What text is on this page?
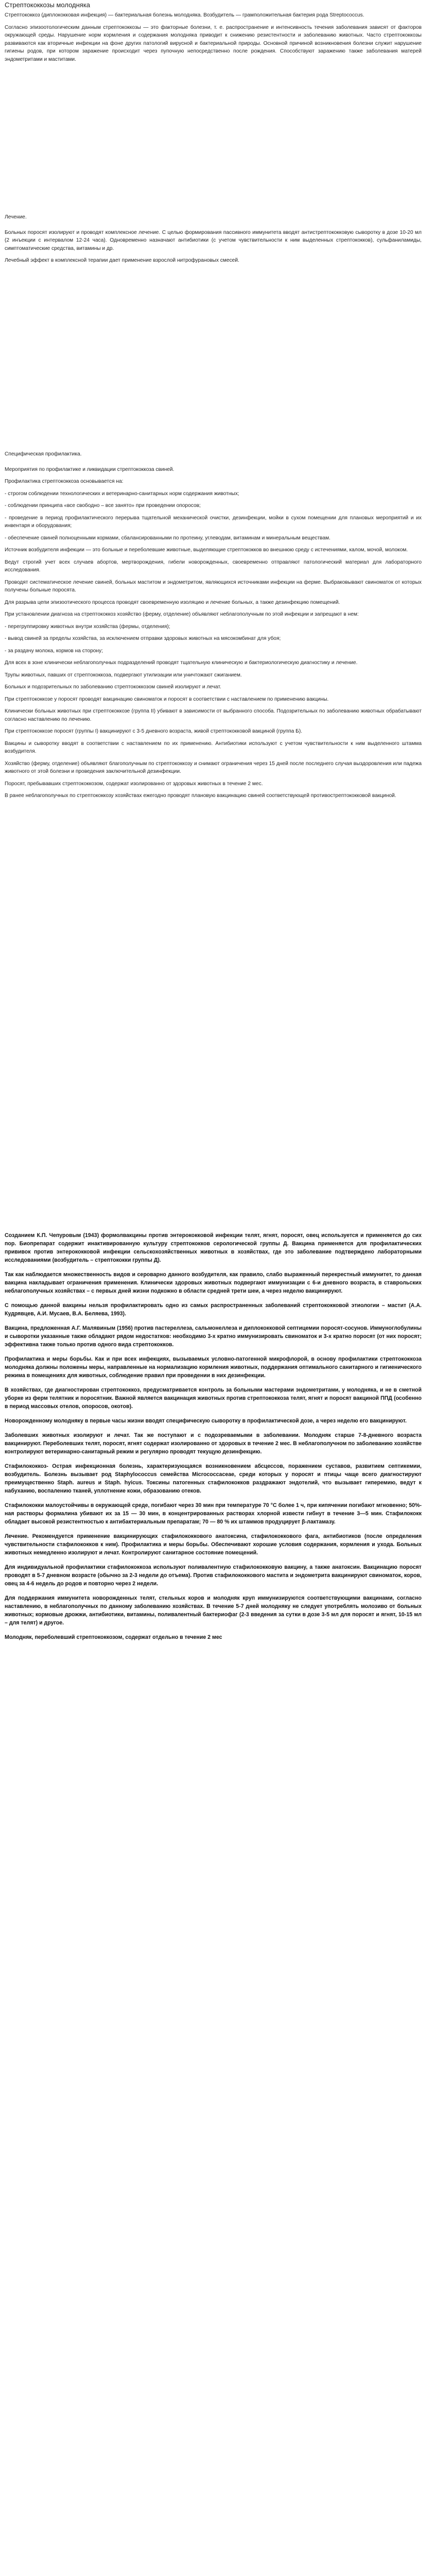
Стрептококкозы молодняка

Стрептококкоз (диплококковая инфекция) — бактериальная болезнь молодняка. Возбудитель — грамположительная бактерия рода Streptococcus.

Согласно эпизоотологическим данным стрептококкозы — это факторные болезни, т. е. распространение и интенсивность течения заболевания зависят от факторов окружающей среды. Нарушение норм кормления и содержания молодняка приводит к снижению резистентности и заболеванию животных. Часто стрептококкозы развиваются как вторичные инфекции на фоне других патологий вирусной и бактериальной природы. Основной причиной возникновения болезни служит нарушение гигиены родов, при котором заражение происходит через пупочную непосредственно после рождения. Способствуют заражению также заболевания матерей эндометритами и маститами.

Лечение.

Больных поросят изолируют и проводят комплексное лечение. С целью формирования пассивного иммунитета вводят антистрептококковую сыворотку в дозе 10-20 мл (2 инъекции с интервалом 12-24 часа). Одновременно назначают антибиотики (с учетом чувствительности к ним выделенных стрептококков), сульфаниламиды, симптоматические средства, витамины и др.

Лечебный эффект в комплексной терапии дает применение взрослой нитрофурановых смесей.

Специфическая профилактика.

Мероприятия по профилактике и ликвидации стрептококкоза свиней.

Профилактика стрептококкоза основывается на:

- строгом соблюдении технологических и ветеринарно-санитарных норм содержания животных;

- соблюдении принципа «все свободно – все занято» при проведении опоросов;

- проведение в период профилактического перерыва тщательной механической очистки, дезинфекции, мойки в сухом помещении для плановых мероприятий и их инвентаря и оборудования;

- обеспечение свиней полноценными кормами, сбалансированными по протеину, углеводам, витаминам и минеральным веществам.

Источник возбудителя инфекции — это больные и переболевшие животные, выделяющие стрептококков во внешнюю среду с истечениями, калом, мочой, молоком.

Ведут строгий учет всех случаев абортов, мертворождения, гибели новорожденных, своевременно отправляют патологический материал для лабораторного исследования.

Проводят систематическое лечение свиней, больных маститом и эндометритом, являющихся источниками инфекции на ферме. Выбраковывают свиноматок от которых получены больные поросята.

Для разрыва цепи эпизоотического процесса проводят своевременную изоляцию и лечение больных, а также дезинфекцию помещений.

При установлении диагноза на стрептококкоз хозяйство (ферму, отделение) объявляют неблагополучным по этой инфекции и запрещают в нем:

- перегруппировку животных внутри хозяйства (фермы, отделения);

- вывод свиней за пределы хозяйства, за исключением отправки здоровых животных на мясокомбинат для убоя;

- за раздачу молока, кормов на сторону;

Для всех в зоне клинически неблагополучных подразделений проводят тщательную клиническую и бактериологическую диагностику и лечение.

Трупы животных, павших от стрептококкоза, подвергают утилизации или уничтожают сжиганием.

Больных и подозрительных по заболеванию стрептококкозом свиней изолируют и лечат.

При стрептококкозе у поросят проводят вакцинацию свиноматок и поросят в соответствии с наставлением по применению вакцины.

Клинически больных животных при стрептококкозе (группа II) убивают в зависимости от выбранного способа. Подозрительных по заболеванию животных обрабатывают согласно наставлению по лечению.

При стрептококкозе поросят (группы I) вакцинируют с 3-5 дневного возраста, живой стрептококковой вакциной (группа Б).

Вакцины и сыворотку вводят в соответствии с наставлением по их применению. Антибиотики используют с учетом чувствительности к ним выделенного штамма возбудителя.

Хозяйство (ферму, отделение) объявляют благополучным по стрептококкозу и снимают ограничения через 15 дней после последнего случая выздоровления или падежа животного от этой болезни и проведения заключительной дезинфекции.

Поросят, пребывавших стрептококкозом, содержат изолированно от здоровых животных в течение 2 мес.

В ранее неблагополучных по стрептококкозу хозяйствах ежегодно проводят плановую вакцинацию свиней соответствующей противострептококковой вакциной.

Созданием К.П. Чепуровым (1943) формолвакцины против энтерококковой инфекции телят, ягнят, поросят, овец используется и применяется до сих пор. Биопрепарат содержит инактивированную культуру стрептококков серологической группы Д. Вакцина применяется для профилактических прививок против энтерококковой инфекции сельскохозяйственных животных в хозяйствах, где это заболевание подтверждено лабораторными исследованиями (возбудитель – стрептококки группы Д).

Так как наблюдается множественность видов и сероварно данного возбудителя, как правило, слабо выраженный перекрестный иммунитет, то данная вакцина накладывает ограничения применения. Клинически здоровых животных подвергают иммунизации с 6-и дневного возраста, в ставрольских неблагополучных хозяйствах – с первых дней жизни подкожно в области средней трети шеи, а через неделю вакцинируют.

С помощью данной вакцины нельзя профилактировать одно из самых распространенных заболеваний стрептококковой этиологии – мастит (А.А. Кудрявцев, А.И. Мусаев, В.А. Беляева, 1993).

Вакцина, предложенная А.Г. Малявиным (1956) против пастереллеза, сальмонеллеза и диплококковой септицемии поросят-сосунов. Иммуноглобулины и сыворотки указанные также обладают рядом недостатков: необходимо 3-х кратно иммунизировать свиноматок и 3-х кратно поросят (от них поросят; эффективна также только против одного вида стрептококков.

Профилактика и меры борьбы. Как и при всех инфекциях, вызываемых условно-патогенной микрофлорой, в основу профилактики стрептококкоза молодняка должны положены меры, направленные на нормализацию кормления животных, поддержания оптимального санитарного и гигиенического режима в помещениях для животных, соблюдение правил при проведении в них дезинфекции.

В хозяйствах, где диагностирован стрептококкоз, предусматривается контроль за больными мастерами эндометритами, у молодняка, и не в сметной уборке из ферм телятник и поросятник. Важной является вакцинация животных против стрептококкоза телят, ягнят и поросят вакциной ППД (особенно в период массовых отелов, опоросов, окотов).

Новорожденному молодняку в первые часы жизни вводят специфическую сыворотку в профилактической дозе, а через неделю его вакцинируют.

Заболевших животных изолируют и лечат. Так же поступают и с подозреваемыми в заболевании. Молодняк старше 7-8-дневного возраста вакцинируют. Переболевших телят, поросят, ягнят содержат изолированно от здоровых в течение 2 мес. В неблагополучном по заболеванию хозяйстве контролируют ветеринарно-санитарный режим и регулярно проводят текущую дезинфекцию.

Стафилококкоз- Острая инфекционная болезнь, характеризующаяся возникновением абсцессов, поражением суставов, развитием септикемии, возбудитель. Болезнь вызывает род Staphylococcus семейства Micrococcaceae, среди которых у поросят и птицы чаще всего диагностируют преимущественно Staph. aureus и Staph. hyicus. Токсины патогенных стафилококков раздражают эндотелий, что вызывает гиперемию, ведут к набуханию, воспалению тканей, уплотнение кожи, образованию отеков.

Стафилококки малоустойчивы в окружающей среде, погибают через 30 мин при температуре 70 °C более 1 ч, при кипячении погибают мгновенно; 50%-ная растворы формалина убивают их за 15 — 30 мин, в концентрированных растворах хлорной извести гибнут в течение 3—5 мин. Стафилококк обладает высокой резистентностью к антибактериальным препаратам; 70 — 80 % их штаммов продуцирует β-лактамазу.

Лечение. Рекомендуется применение вакцинирующих стафилококкового анатоксина, стафилококкового фага, антибиотиков (после определения чувствительности стафилококков к ним). Профилактика и меры борьбы. Обеспечивают хорошие условия содержания, кормления и ухода. Больных животных немедленно изолируют и лечат. Контролируют санитарное состояние помещений.

Для индивидуальной профилактики стафилококкоза используют поливалентную стафилококковую вакцину, а также анатоксин. Вакцинацию поросят проводят в 5-7 дневном возрасте (обычно за 2-3 недели до отъема). Против стафилококкового мастита и эндометрита вакцинируют свиноматок, коров, овец за 4-6 недель до родов и повторно через 2 недели.

Для поддержания иммунитета новорожденных телят, стельных коров и молодняк круп иммунизируются соответствующими вакцинами, согласно наставлению, в неблагополучных по данному заболеванию хозяйствах. В течение 5-7 дней молодняку не следует употреблять молозиво от больных животных; кормовые дрожжи, антибиотики, витамины, поливалентный бактериофаг (2-3 введения за сутки в дозе 3-5 мл для поросят и ягнят, 10-15 мл – для телят) и другое.

Молодняк, переболевший стрептококкозом, содержат отдельно в течение 2 мес
